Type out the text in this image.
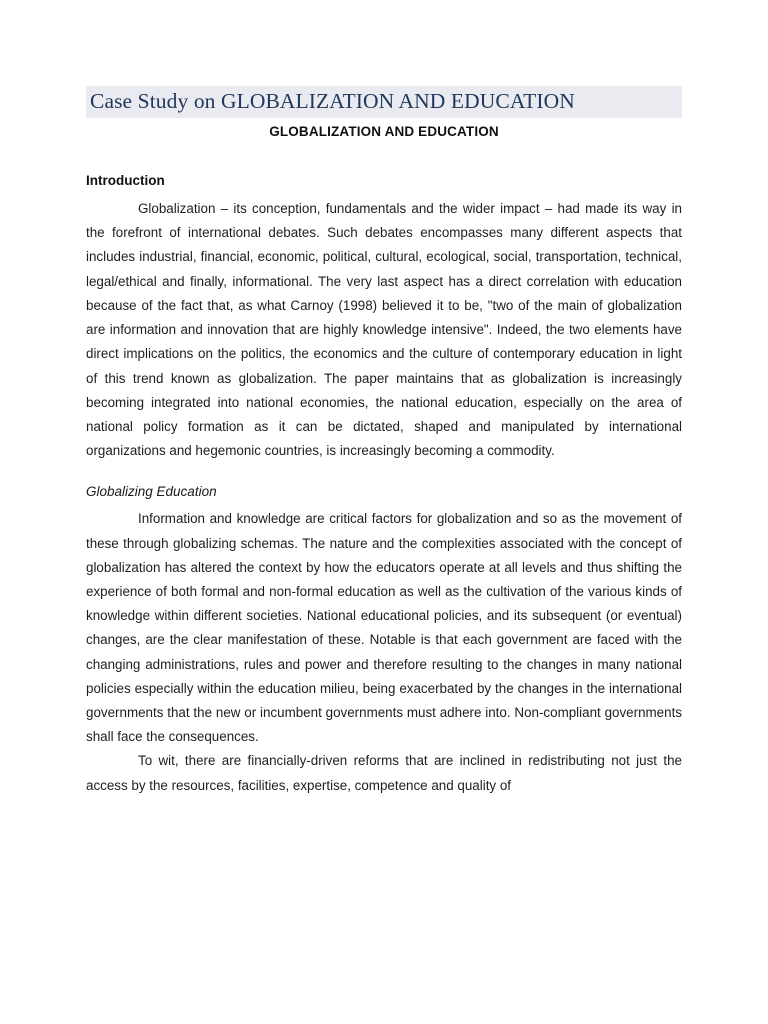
Case Study on GLOBALIZATION AND EDUCATION
GLOBALIZATION AND EDUCATION
Introduction

Globalization – its conception, fundamentals and the wider impact – had made its way in the forefront of international debates. Such debates encompasses many different aspects that includes industrial, financial, economic, political, cultural, ecological, social, transportation, technical, legal/ethical and finally, informational. The very last aspect has a direct correlation with education because of the fact that, as what Carnoy (1998) believed it to be, "two of the main of globalization are information and innovation that are highly knowledge intensive". Indeed, the two elements have direct implications on the politics, the economics and the culture of contemporary education in light of this trend known as globalization. The paper maintains that as globalization is increasingly becoming integrated into national economies, the national education, especially on the area of national policy formation as it can be dictated, shaped and manipulated by international organizations and hegemonic countries, is increasingly becoming a commodity.

Globalizing Education

Information and knowledge are critical factors for globalization and so as the movement of these through globalizing schemas. The nature and the complexities associated with the concept of globalization has altered the context by how the educators operate at all levels and thus shifting the experience of both formal and non-formal education as well as the cultivation of the various kinds of knowledge within different societies. National educational policies, and its subsequent (or eventual) changes, are the clear manifestation of these. Notable is that each government are faced with the changing administrations, rules and power and therefore resulting to the changes in many national policies especially within the education milieu, being exacerbated by the changes in the international governments that the new or incumbent governments must adhere into. Non-compliant governments shall face the consequences.

To wit, there are financially-driven reforms that are inclined in redistributing not just the access by the resources, facilities, expertise, competence and quality of
